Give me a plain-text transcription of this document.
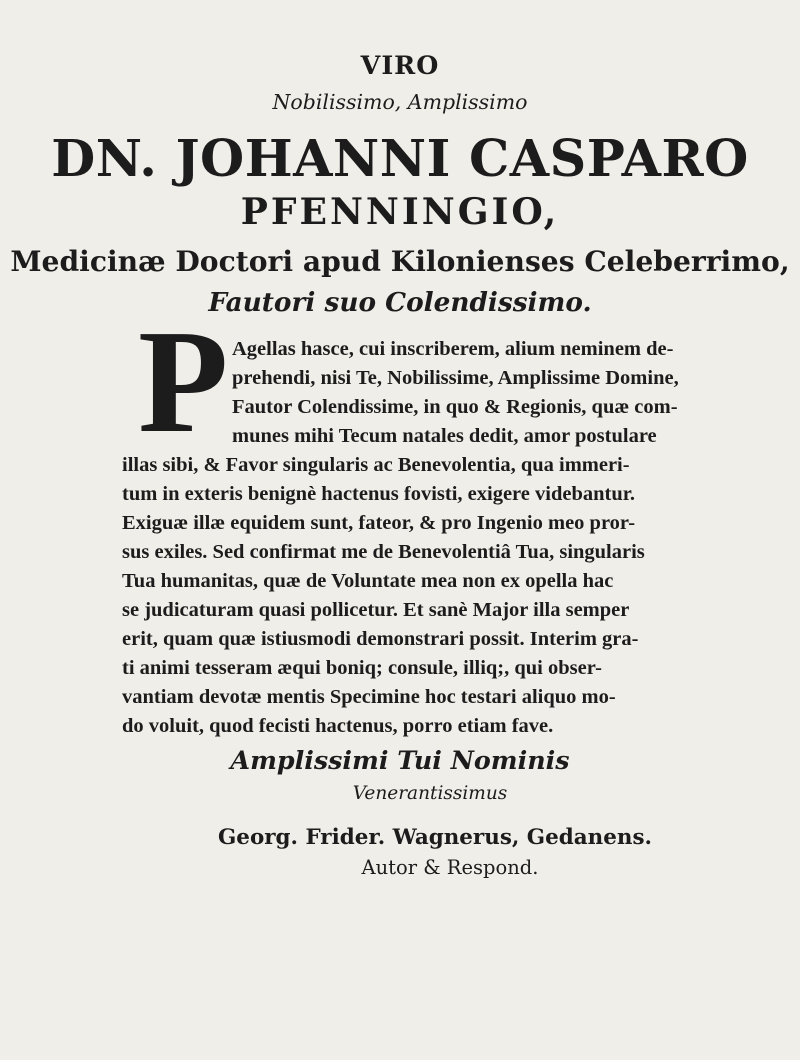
VIRO
Nobilissimo, Amplissimo
DN. JOHANNI CASPARO
PFENNINGIO,
Medicinæ Doctori apud Kilonienses Celeberrimo,
Fautori suo Colendissimo.
P Agellas hasce, cui inscriberem, alium neminem de-
prehendi, nisi Te, Nobilissime, Amplissime Domine,
Fautor Colendissime, in quo & Regionis, quæ com-
munes mihi Tecum natales dedit, amor postulare
illas sibi, & Favor singularis ac Benevolentia, qua immeri-
tum in exteris benignè hactenus fovisti, exigere videbantur.
Exiguæ illæ equidem sunt, fateor, & pro Ingenio meo pror-
sus exiles. Sed confirmat me de Benevolentiâ Tua, singularis
Tua humanitas, quæ de Voluntate mea non ex opella hac
se judicaturam quasi pollicetur. Et sanè Major illa semper
erit, quam quæ istiusmodi demonstrari possit. Interim gra-
ti animi tesseram æqui boniq; consule, illiq;, qui obser-
vantiam devotæ mentis Specimine hoc testari aliquo mo-
do voluit, quod fecisti hactenus, porro etiam fave.
Amplissimi Tui Nominis
Venerantissimus
Georg. Frider. Wagnerus, Gedanens.
Autor & Respond.
